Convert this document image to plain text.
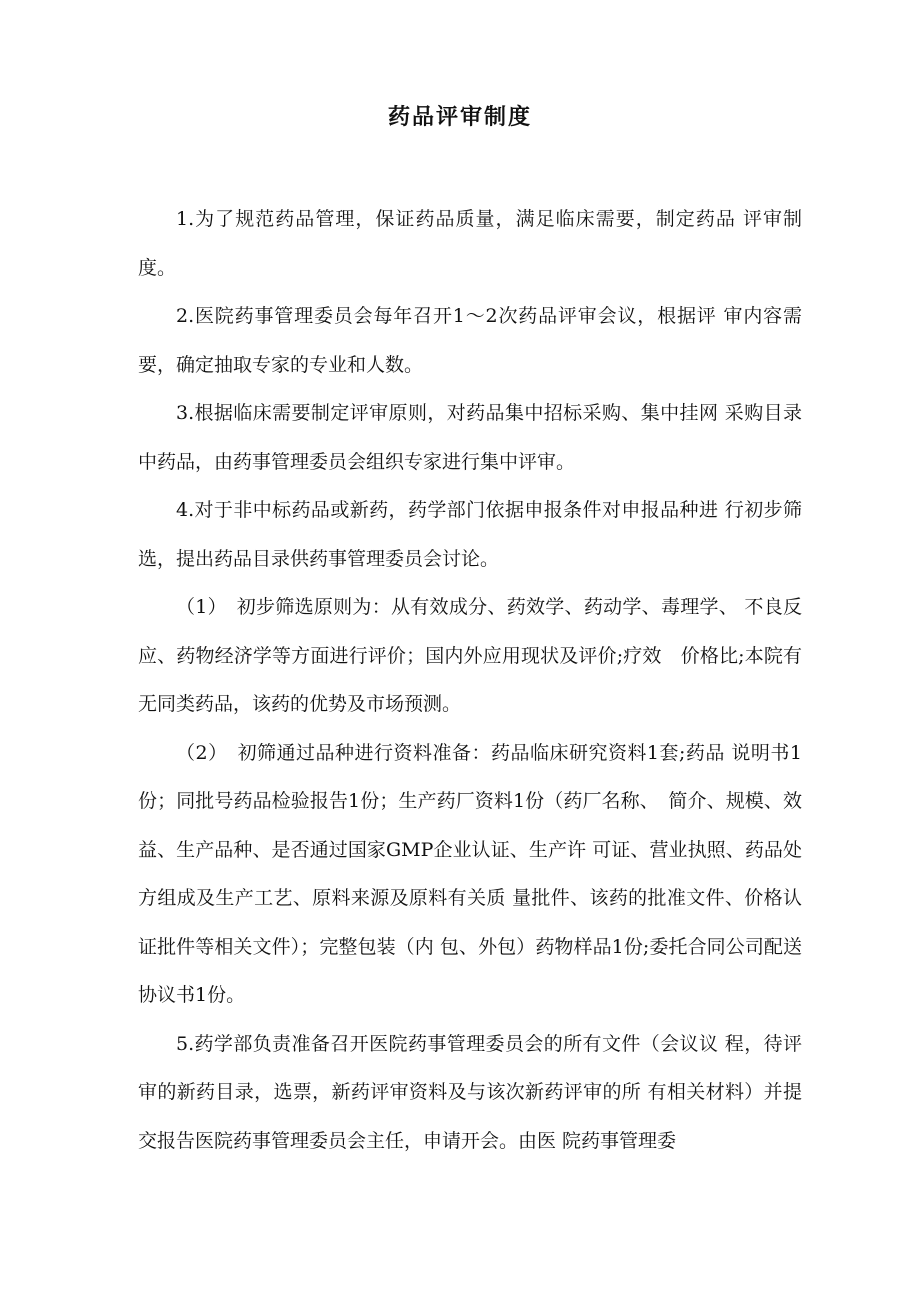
药品评审制度

1.为了规范药品管理，保证药品质量，满足临床需要，制定药品 评审制度。

2.医院药事管理委员会每年召开1〜2次药品评审会议，根据评 审内容需要，确定抽取专家的专业和人数。

3.根据临床需要制定评审原则，对药品集中招标采购、集中挂网 采购目录中药品，由药事管理委员会组织专家进行集中评审。

4.对于非中标药品或新药，药学部门依据申报条件对申报品种进 行初步筛选，提出药品目录供药事管理委员会讨论。

（1）　初步筛选原则为：从有效成分、药效学、药动学、毒理学、 不良反应、药物经济学等方面进行评价；国内外应用现状及评价;疗效　价格比;本院有无同类药品，该药的优势及市场预测。

（2）　初筛通过品种进行资料准备：药品临床研究资料1套;药品 说明书1份；同批号药品检验报告1份；生产药厂资料1份（药厂名称、　简介、规模、效益、生产品种、是否通过国家GMP企业认证、生产许 可证、营业执照、药品处方组成及生产工艺、原料来源及原料有关质 量批件、该药的批准文件、价格认证批件等相关文件）；完整包装（内 包、外包）药物样品1份;委托合同公司配送协议书1份。

5.药学部负责准备召开医院药事管理委员会的所有文件（会议议 程，待评审的新药目录，选票，新药评审资料及与该次新药评审的所 有相关材料）并提交报告医院药事管理委员会主任，申请开会。由医 院药事管理委
